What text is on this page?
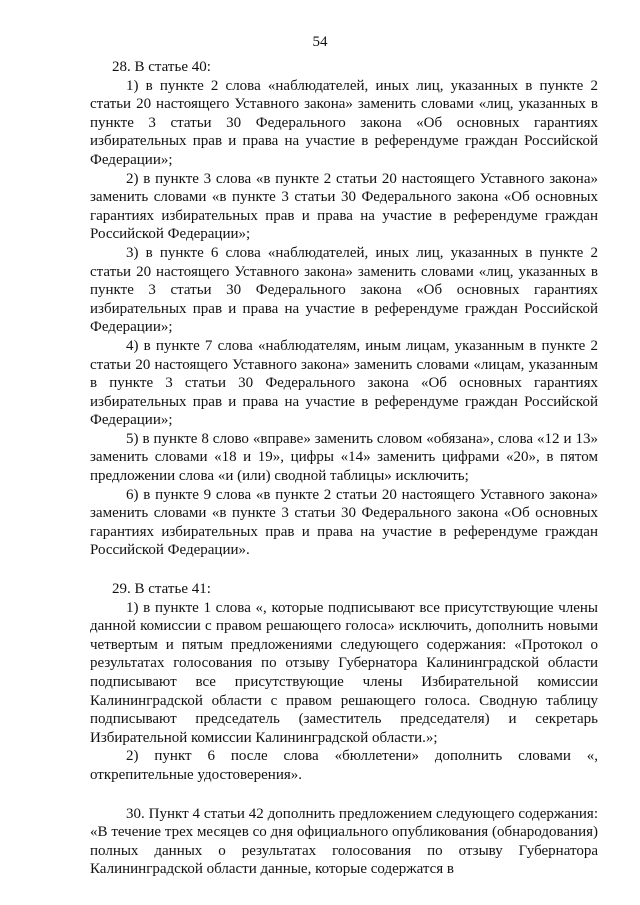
54

28. В статье 40:

1) в пункте 2 слова «наблюдателей, иных лиц, указанных в пункте 2 статьи 20 настоящего Уставного закона» заменить словами «лиц, указанных в пункте 3 статьи 30 Федерального закона «Об основных гарантиях избирательных прав и права на участие в референдуме граждан Российской Федерации»;

2) в пункте 3 слова «в пункте 2 статьи 20 настоящего Уставного закона» заменить словами «в пункте 3 статьи 30 Федерального закона «Об основных гарантиях избирательных прав и права на участие в референдуме граждан Российской Федерации»;

3) в пункте 6 слова «наблюдателей, иных лиц, указанных в пункте 2 статьи 20 настоящего Уставного закона» заменить словами «лиц, указанных в пункте 3 статьи 30 Федерального закона «Об основных гарантиях избирательных прав и права на участие в референдуме граждан Российской Федерации»;

4) в пункте 7 слова «наблюдателям, иным лицам, указанным в пункте 2 статьи 20 настоящего Уставного закона» заменить словами «лицам, указанным в пункте 3 статьи 30 Федерального закона «Об основных гарантиях избирательных прав и права на участие в референдуме граждан Российской Федерации»;

5) в пункте 8 слово «вправе» заменить словом «обязана», слова «12 и 13» заменить словами «18 и 19», цифры «14» заменить цифрами «20», в пятом предложении слова «и (или) сводной таблицы» исключить;

6) в пункте 9 слова «в пункте 2 статьи 20 настоящего Уставного закона» заменить словами «в пункте 3 статьи 30 Федерального закона «Об основных гарантиях избирательных прав и права на участие в референдуме граждан Российской Федерации».

29. В статье 41:

1) в пункте 1 слова «, которые подписывают все присутствующие члены данной комиссии с правом решающего голоса» исключить, дополнить новыми четвертым и пятым предложениями следующего содержания: «Протокол о результатах голосования по отзыву Губернатора Калининградской области подписывают все присутствующие члены Избирательной комиссии Калининградской области с правом решающего голоса. Сводную таблицу подписывают председатель (заместитель председателя) и секретарь Избирательной комиссии Калининградской области.»;

2) пункт 6 после слова «бюллетени» дополнить словами «, открепительные удостоверения».

30. Пункт 4 статьи 42 дополнить предложением следующего содержания: «В течение трех месяцев со дня официального опубликования (обнародования) полных данных о результатах голосования по отзыву Губернатора Калининградской области данные, которые содержатся в
